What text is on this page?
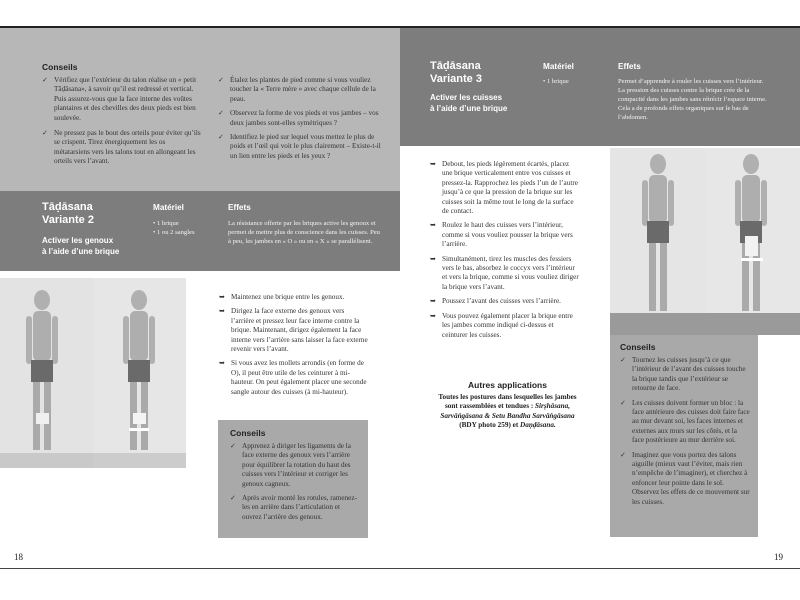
Conseils
✓ Vérifiez que l’extérieur du talon réalise un « petit Tāḍāsana», à savoir qu’il est redressé et vertical. Puis assurez-vous que la face interne des voûtes plantaires et des chevilles des deux pieds est bien soulevée.
✓ Ne pressez pas le bout des orteils pour éviter qu’ils se crispent. Tirez énergiquement les os métatarsiens vers les talons tout en allongeant les orteils vers l’avant.
✓ Étalez les plantes de pied comme si vous vouliez toucher la « Terre mère » avec chaque cellule de la peau.
✓ Observez la forme de vos pieds et vos jambes – vos deux jambes sont-elles symétriques ?
✓ Identifiez le pied sur lequel vous mettez le plus de poids et l’œil qui voit le plus clairement – Existe-t-il un lien entre les pieds et les yeux ?
Tāḍāsana
Variante 2
Activer les genoux
à l’aide d’une brique
Matériel
• 1 brique
• 1 ou 2 sangles
Effets
La résistance offerte par les briques active les genoux et permet de mettre plus de conscience dans les cuisses. Peu à peu, les jambes en « O » ou en « X » se parallélisent.
➥ Maintenez une brique entre les genoux.
➥ Dirigez la face externe des genoux vers l’arrière et pressez leur face interne contre la brique. Maintenant, dirigez également la face interne vers l’arrière sans laisser la face externe revenir vers l’avant.
➥ Si vous avez les mollets arrondis (en forme de O), il peut être utile de les ceinturer à mi-hauteur. On peut également placer une seconde sangle autour des cuisses (à mi-hauteur).
Conseils
✓ Apprenez à diriger les ligaments de la face externe des genoux vers l’arrière pour équilibrer la rotation du haut des cuisses vers l’intérieur et corriger les genoux cagneux.
✓ Après avoir monté les rotules, ramenez-les en arrière dans l’articulation et ouvrez l’arrière des genoux.
18
Tāḍāsana
Variante 3
Activer les cuisses
à l’aide d’une brique
Matériel
• 1 brique
Effets
Permet d’apprendre à rouler les cuisses vers l’intérieur. La pression des cuisses contre la brique crée de la compacité dans les jambes sans rétrécir l’espace interne. Cela a de profonds effets organiques sur le bas de l’abdomen.
➥ Debout, les pieds légèrement écartés, placez une brique verticalement entre vos cuisses et pressez-la. Rapprochez les pieds l’un de l’autre jusqu’à ce que la pression de la brique sur les cuisses soit la même tout le long de la surface de contact.
➥ Roulez le haut des cuisses vers l’intérieur, comme si vous vouliez pousser la brique vers l’arrière.
➥ Simultanément, tirez les muscles des fessiers vers le bas, absorbez le coccyx vers l’intérieur et vers la brique, comme si vous vouliez diriger la brique vers l’avant.
➥ Poussez l’avant des cuisses vers l’arrière.
➥ Vous pouvez également placer la brique entre les jambes comme indiqué ci-dessus et ceinturer les cuisses.
Autres applications
Toutes les postures dans lesquelles les jambes
sont rassemblées et tendues : Sirṣhāsana,
Sarvāṅgāsana & Setu Bandha Sarvāṅgāsana
(BDY photo 259) et Daṇḍāsana.
Conseils
✓ Tournez les cuisses jusqu’à ce que l’intérieur de l’avant des cuisses touche la brique tandis que l’extérieur se retourne de face.
✓ Les cuisses doivent former un bloc : la face antérieure des cuisses doit faire face au mur devant soi, les faces internes et externes aux murs sur les côtés, et la face postérieure au mur derrière soi.
✓ Imaginez que vous portez des talons aiguille (mieux vaut l’éviter, mais rien n’empêche de l’imaginer), et cherchez à enfoncer leur pointe dans le sol. Observez les effets de ce mouvement sur les cuisses.
19
